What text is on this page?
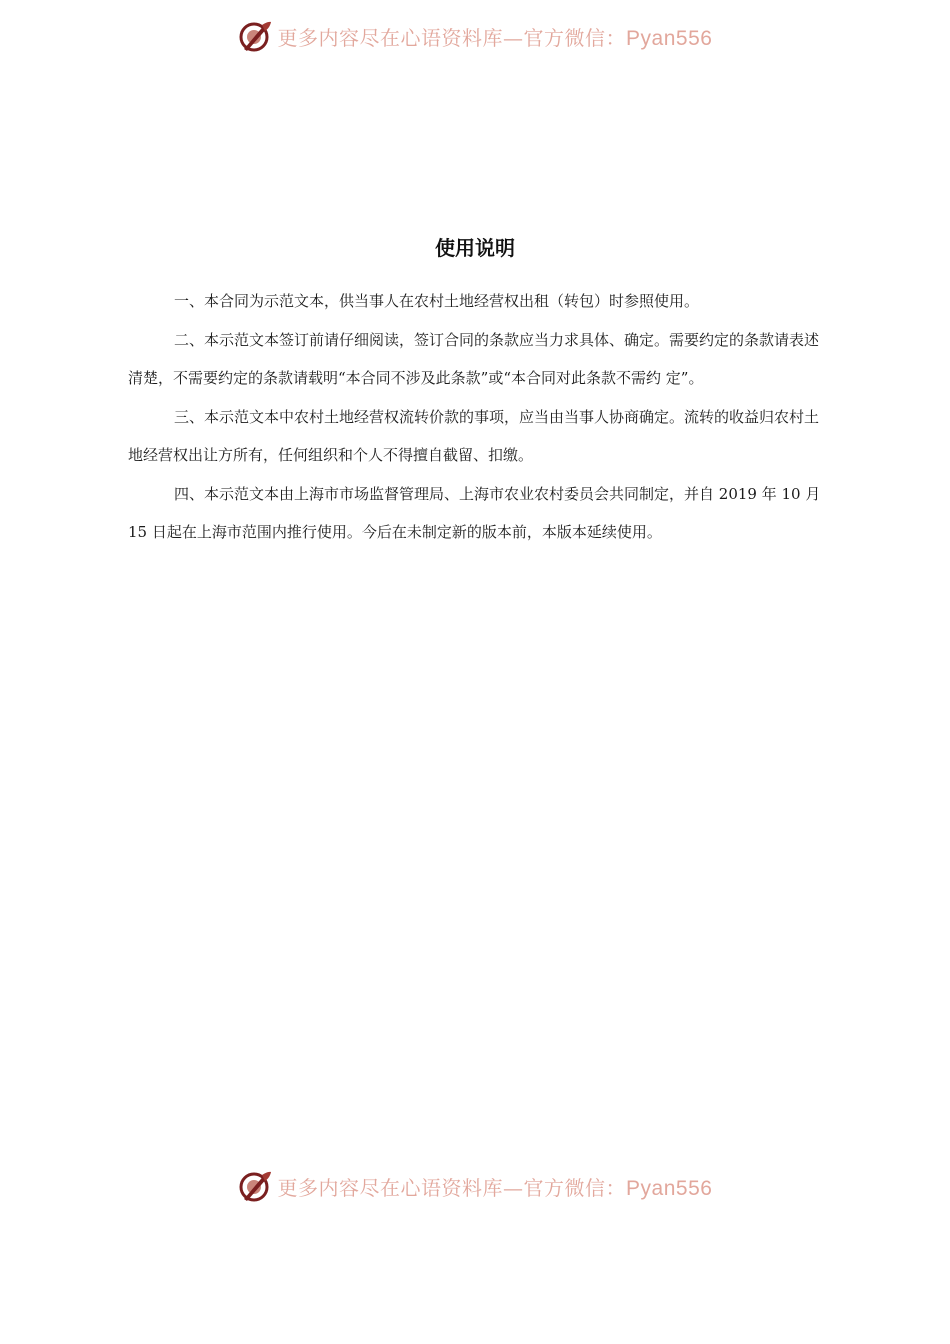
更多内容尽在心语资料库—官方微信：Pyan556
使用说明

一、本合同为示范文本，供当事人在农村土地经营权出租（转包）时参照使用。

二、本示范文本签订前请仔细阅读，签订合同的条款应当力求具体、确定。需要约定的条款请表述清楚，不需要约定的条款请载明“本合同不涉及此条款”或“本合同对此条款不需约 定”。

三、本示范文本中农村土地经营权流转价款的事项，应当由当事人协商确定。流转的收益归农村土地经营权出让方所有，任何组织和个人不得擅自截留、扣缴。

四、本示范文本由上海市市场监督管理局、上海市农业农村委员会共同制定，并自 2019 年 10 月 15 日起在上海市范围内推行使用。今后在未制定新的版本前，本版本延续使用。

更多内容尽在心语资料库—官方微信：Pyan556
